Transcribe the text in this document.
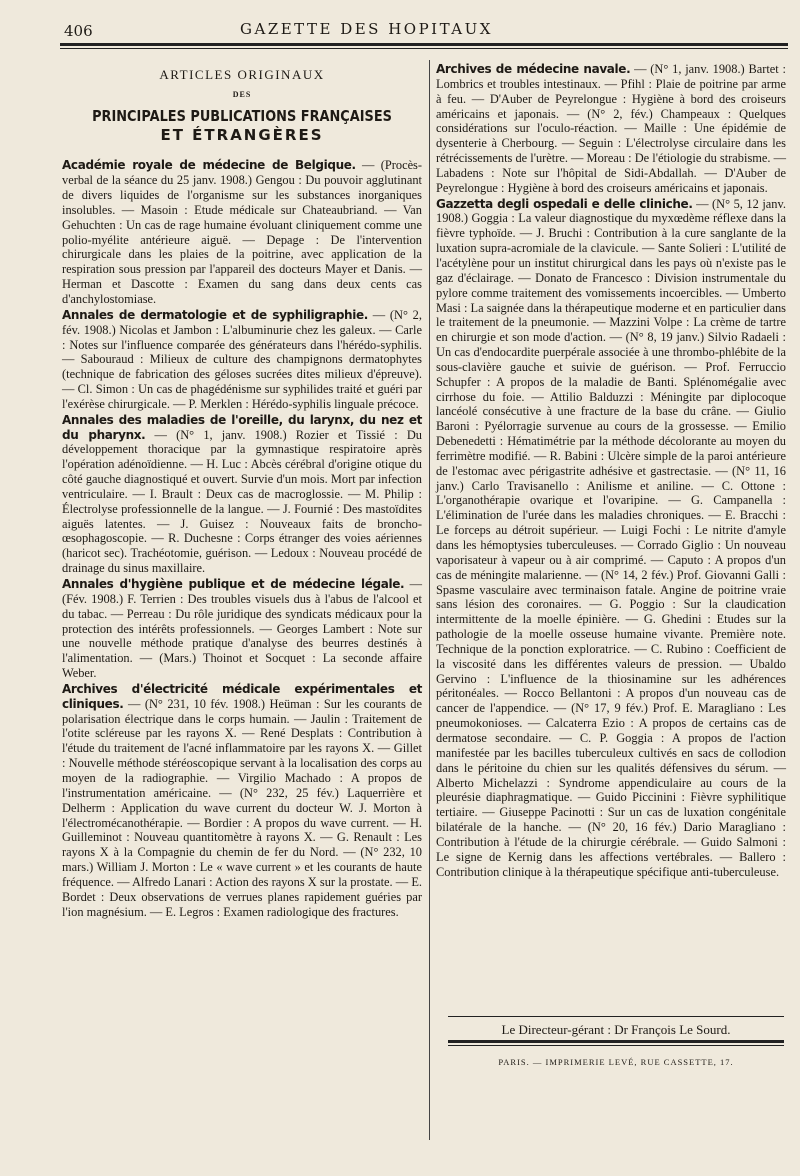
406	GAZETTE DES HOPITAUX
ARTICLES ORIGINAUX
DES
PRINCIPALES PUBLICATIONS FRANÇAISES
ET ÉTRANGÈRES

Académie royale de médecine de Belgique. — (Procès-verbal de la séance du 25 janv. 1908.) Gengou : Du pouvoir agglutinant de divers liquides de l'organisme sur les substances inorganiques insolubles. — Masoin : Etude médicale sur Chateaubriand. — Van Gehuchten : Un cas de rage humaine évoluant cliniquement comme une polio-myélite antérieure aiguë. — Depage : De l'intervention chirurgicale dans les plaies de la poitrine, avec application de la respiration sous pression par l'appareil des docteurs Mayer et Danis. — Herman et Dascotte : Examen du sang dans deux cents cas d'anchylostomiase.

Annales de dermatologie et de syphiligraphie. — (N° 2, fév. 1908.) Nicolas et Jambon : L'albuminurie chez les galeux. — Carle : Notes sur l'influence comparée des générateurs dans l'hérédo-syphilis. — Sabouraud : Milieux de culture des champignons dermatophytes (technique de fabrication des géloses sucrées dites milieux d'épreuve). — Cl. Simon : Un cas de phagédénisme sur syphilides traité et guéri par l'exérèse chirurgicale. — P. Merklen : Hérédo-syphilis linguale précoce.

Annales des maladies de l'oreille, du larynx, du nez et du pharynx. — (N° 1, janv. 1908.) Rozier et Tissié : Du développement thoracique par la gymnastique respiratoire après l'opération adénoïdienne. — H. Luc : Abcès cérébral d'origine otique du côté gauche diagnostiqué et ouvert. Survie d'un mois. Mort par infection ventriculaire. — I. Brault : Deux cas de macroglossie. — M. Philip : Électrolyse professionnelle de la langue. — J. Fournié : Des mastoïdites aiguës latentes. — J. Guisez : Nouveaux faits de broncho-œsophagoscopie. — R. Duchesne : Corps étranger des voies aériennes (haricot sec). Trachéotomie, guérison. — Ledoux : Nouveau procédé de drainage du sinus maxillaire.

Annales d'hygiène publique et de médecine légale. — (Fév. 1908.) F. Terrien : Des troubles visuels dus à l'abus de l'alcool et du tabac. — Perreau : Du rôle juridique des syndicats médicaux pour la protection des intérêts professionnels. — Georges Lambert : Note sur une nouvelle méthode pratique d'analyse des beurres destinés à l'alimentation. — (Mars.) Thoinot et Socquet : La seconde affaire Weber.

Archives d'électricité médicale expérimentales et cliniques. — (N° 231, 10 fév. 1908.) Heüman : Sur les courants de polarisation électrique dans le corps humain. — Jaulin : Traitement de l'otite scléreuse par les rayons X. — René Desplats : Contribution à l'étude du traitement de l'acné inflammatoire par les rayons X. — Gillet : Nouvelle méthode stéréoscopique servant à la localisation des corps au moyen de la radiographie. — Virgilio Machado : A propos de l'instrumentation américaine. — (N° 232, 25 fév.) Laquerrière et Delherm : Application du wave current du docteur W. J. Morton à l'électromécanothérapie. — Bordier : A propos du wave current. — H. Guilleminot : Nouveau quantitomètre à rayons X. — G. Renault : Les rayons X à la Compagnie du chemin de fer du Nord. — (N° 232, 10 mars.) William J. Morton : Le « wave current » et les courants de haute fréquence. — Alfredo Lanari : Action des rayons X sur la prostate. — E. Bordet : Deux observations de verrues planes rapidement guéries par l'ion magnésium. — E. Legros : Examen radiologique des fractures.

Archives de médecine navale. — (N° 1, janv. 1908.) Bartet : Lombrics et troubles intestinaux. — Pfihl : Plaie de poitrine par arme à feu. — D'Auber de Peyrelongue : Hygiène à bord des croiseurs américains et japonais. — (N° 2, fév.) Champeaux : Quelques considérations sur l'oculo-réaction. — Maille : Une épidémie de dysenterie à Cherbourg. — Seguin : L'électrolyse circulaire dans les rétrécissements de l'urètre. — Moreau : De l'étiologie du strabisme. — Labadens : Note sur l'hôpital de Sidi-Abdallah. — D'Auber de Peyrelongue : Hygiène à bord des croiseurs américains et japonais.

Gazzetta degli ospedali e delle cliniche. — (N° 5, 12 janv. 1908.) Goggia : La valeur diagnostique du myxœdème réflexe dans la fièvre typhoïde. — J. Bruchi : Contribution à la cure sanglante de la luxation supra-acromiale de la clavicule. — Sante Solieri : L'utilité de l'acétylène pour un institut chirurgical dans les pays où n'existe pas le gaz d'éclairage. — Donato de Francesco : Division instrumentale du pylore comme traitement des vomissements incoercibles. — Umberto Masi : La saignée dans la thérapeutique moderne et en particulier dans le traitement de la pneumonie. — Mazzini Volpe : La crème de tartre en chirurgie et son mode d'action. — (N° 8, 19 janv.) Silvio Radaeli : Un cas d'endocardite puerpérale associée à une thrombo-phlébite de la sous-clavière gauche et suivie de guérison. — Prof. Ferruccio Schupfer : A propos de la maladie de Banti. Splénomégalie avec cirrhose du foie. — Attilio Balduzzi : Méningite par diplocoque lancéolé consécutive à une fracture de la base du crâne. — Giulio Baroni : Pyélorragie survenue au cours de la grossesse. — Emilio Debenedetti : Hématimétrie par la méthode décolorante au moyen du ferrimètre modifié. — R. Babini : Ulcère simple de la paroi antérieure de l'estomac avec périgastrite adhésive et gastrectasie. — (N° 11, 16 janv.) Carlo Travisanello : Anilisme et aniline. — C. Ottone : L'organothérapie ovarique et l'ovaripine. — G. Campanella : L'élimination de l'urée dans les maladies chroniques. — E. Bracchi : Le forceps au détroit supérieur. — Luigi Fochi : Le nitrite d'amyle dans les hémoptysies tuberculeuses. — Corrado Giglio : Un nouveau vaporisateur à vapeur ou à air comprimé. — Caputo : A propos d'un cas de méningite malarienne. — (N° 14, 2 fév.) Prof. Giovanni Galli : Spasme vasculaire avec terminaison fatale. Angine de poitrine vraie sans lésion des coronaires. — G. Poggio : Sur la claudication intermittente de la moelle épinière. — G. Ghedini : Etudes sur la pathologie de la moelle osseuse humaine vivante. Première note. Technique de la ponction exploratrice. — C. Rubino : Coefficient de la viscosité dans les différentes valeurs de pression. — Ubaldo Gervino : L'influence de la thiosinamine sur les adhérences péritonéales. — Rocco Bellantoni : A propos d'un nouveau cas de cancer de l'appendice. — (N° 17, 9 fév.) Prof. E. Maragliano : Les pneumokonioses. — Calcaterra Ezio : A propos de certains cas de dermatose secondaire. — C. P. Goggia : A propos de l'action manifestée par les bacilles tuberculeux cultivés en sacs de collodion dans le péritoine du chien sur les qualités défensives du sérum. — Alberto Michelazzi : Syndrome appendiculaire au cours de la pleurésie diaphragmatique. — Guido Piccinini : Fièvre syphilitique tertiaire. — Giuseppe Pacinotti : Sur un cas de luxation congénitale bilatérale de la hanche. — (N° 20, 16 fév.) Dario Maragliano : Contribution à l'étude de la chirurgie cérébrale. — Guido Salmoni : Le signe de Kernig dans les affections vertébrales. — Ballero : Contribution clinique à la thérapeutique spécifique anti-tuberculeuse.

Le Directeur-gérant : Dr François Le Sourd.
PARIS. — IMPRIMERIE LEVÉ, RUE CASSETTE, 17.
